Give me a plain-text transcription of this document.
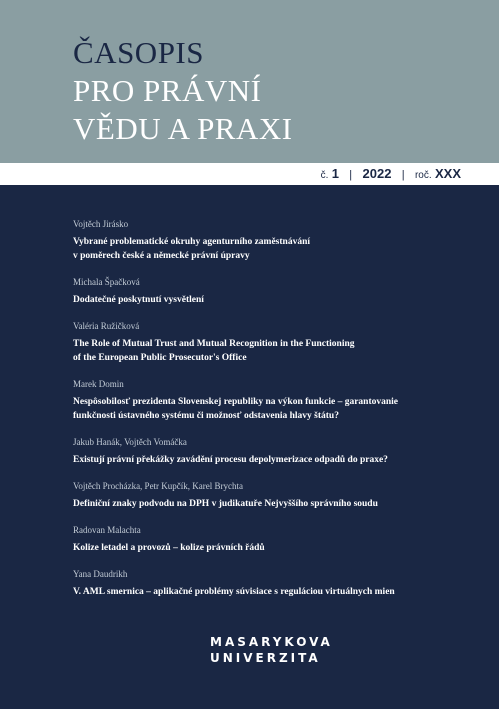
ČASOPIS
PRO PRÁVNÍ
VĚDU A PRAXI
č. 1 | 2022 | roč. XXX
Vojtěch Jirásko
Vybrané problematické okruhy agenturního zaměstnávání
v poměrech české a německé právní úpravy
Michala Špačková
Dodatečné poskytnutí vysvětlení
Valéria Ružičková
The Role of Mutual Trust and Mutual Recognition in the Functioning
of the European Public Prosecutor's Office
Marek Domin
Nespôsobilosť prezidenta Slovenskej republiky na výkon funkcie – garantovanie
funkčnosti ústavného systému či možnosť odstavenia hlavy štátu?
Jakub Hanák, Vojtěch Vomáčka
Existují právní překážky zavádění procesu depolymerizace odpadů do praxe?
Vojtěch Procházka, Petr Kupčík, Karel Brychta
Definiční znaky podvodu na DPH v judikatuře Nejvyššího správního soudu
Radovan Malachta
Kolize letadel a provozů – kolize právních řádů
Yana Daudrikh
V. AML smernica – aplikačné problémy súvisiace s reguláciou virtuálnych mien
MASARYKOVA
UNIVERZITA
